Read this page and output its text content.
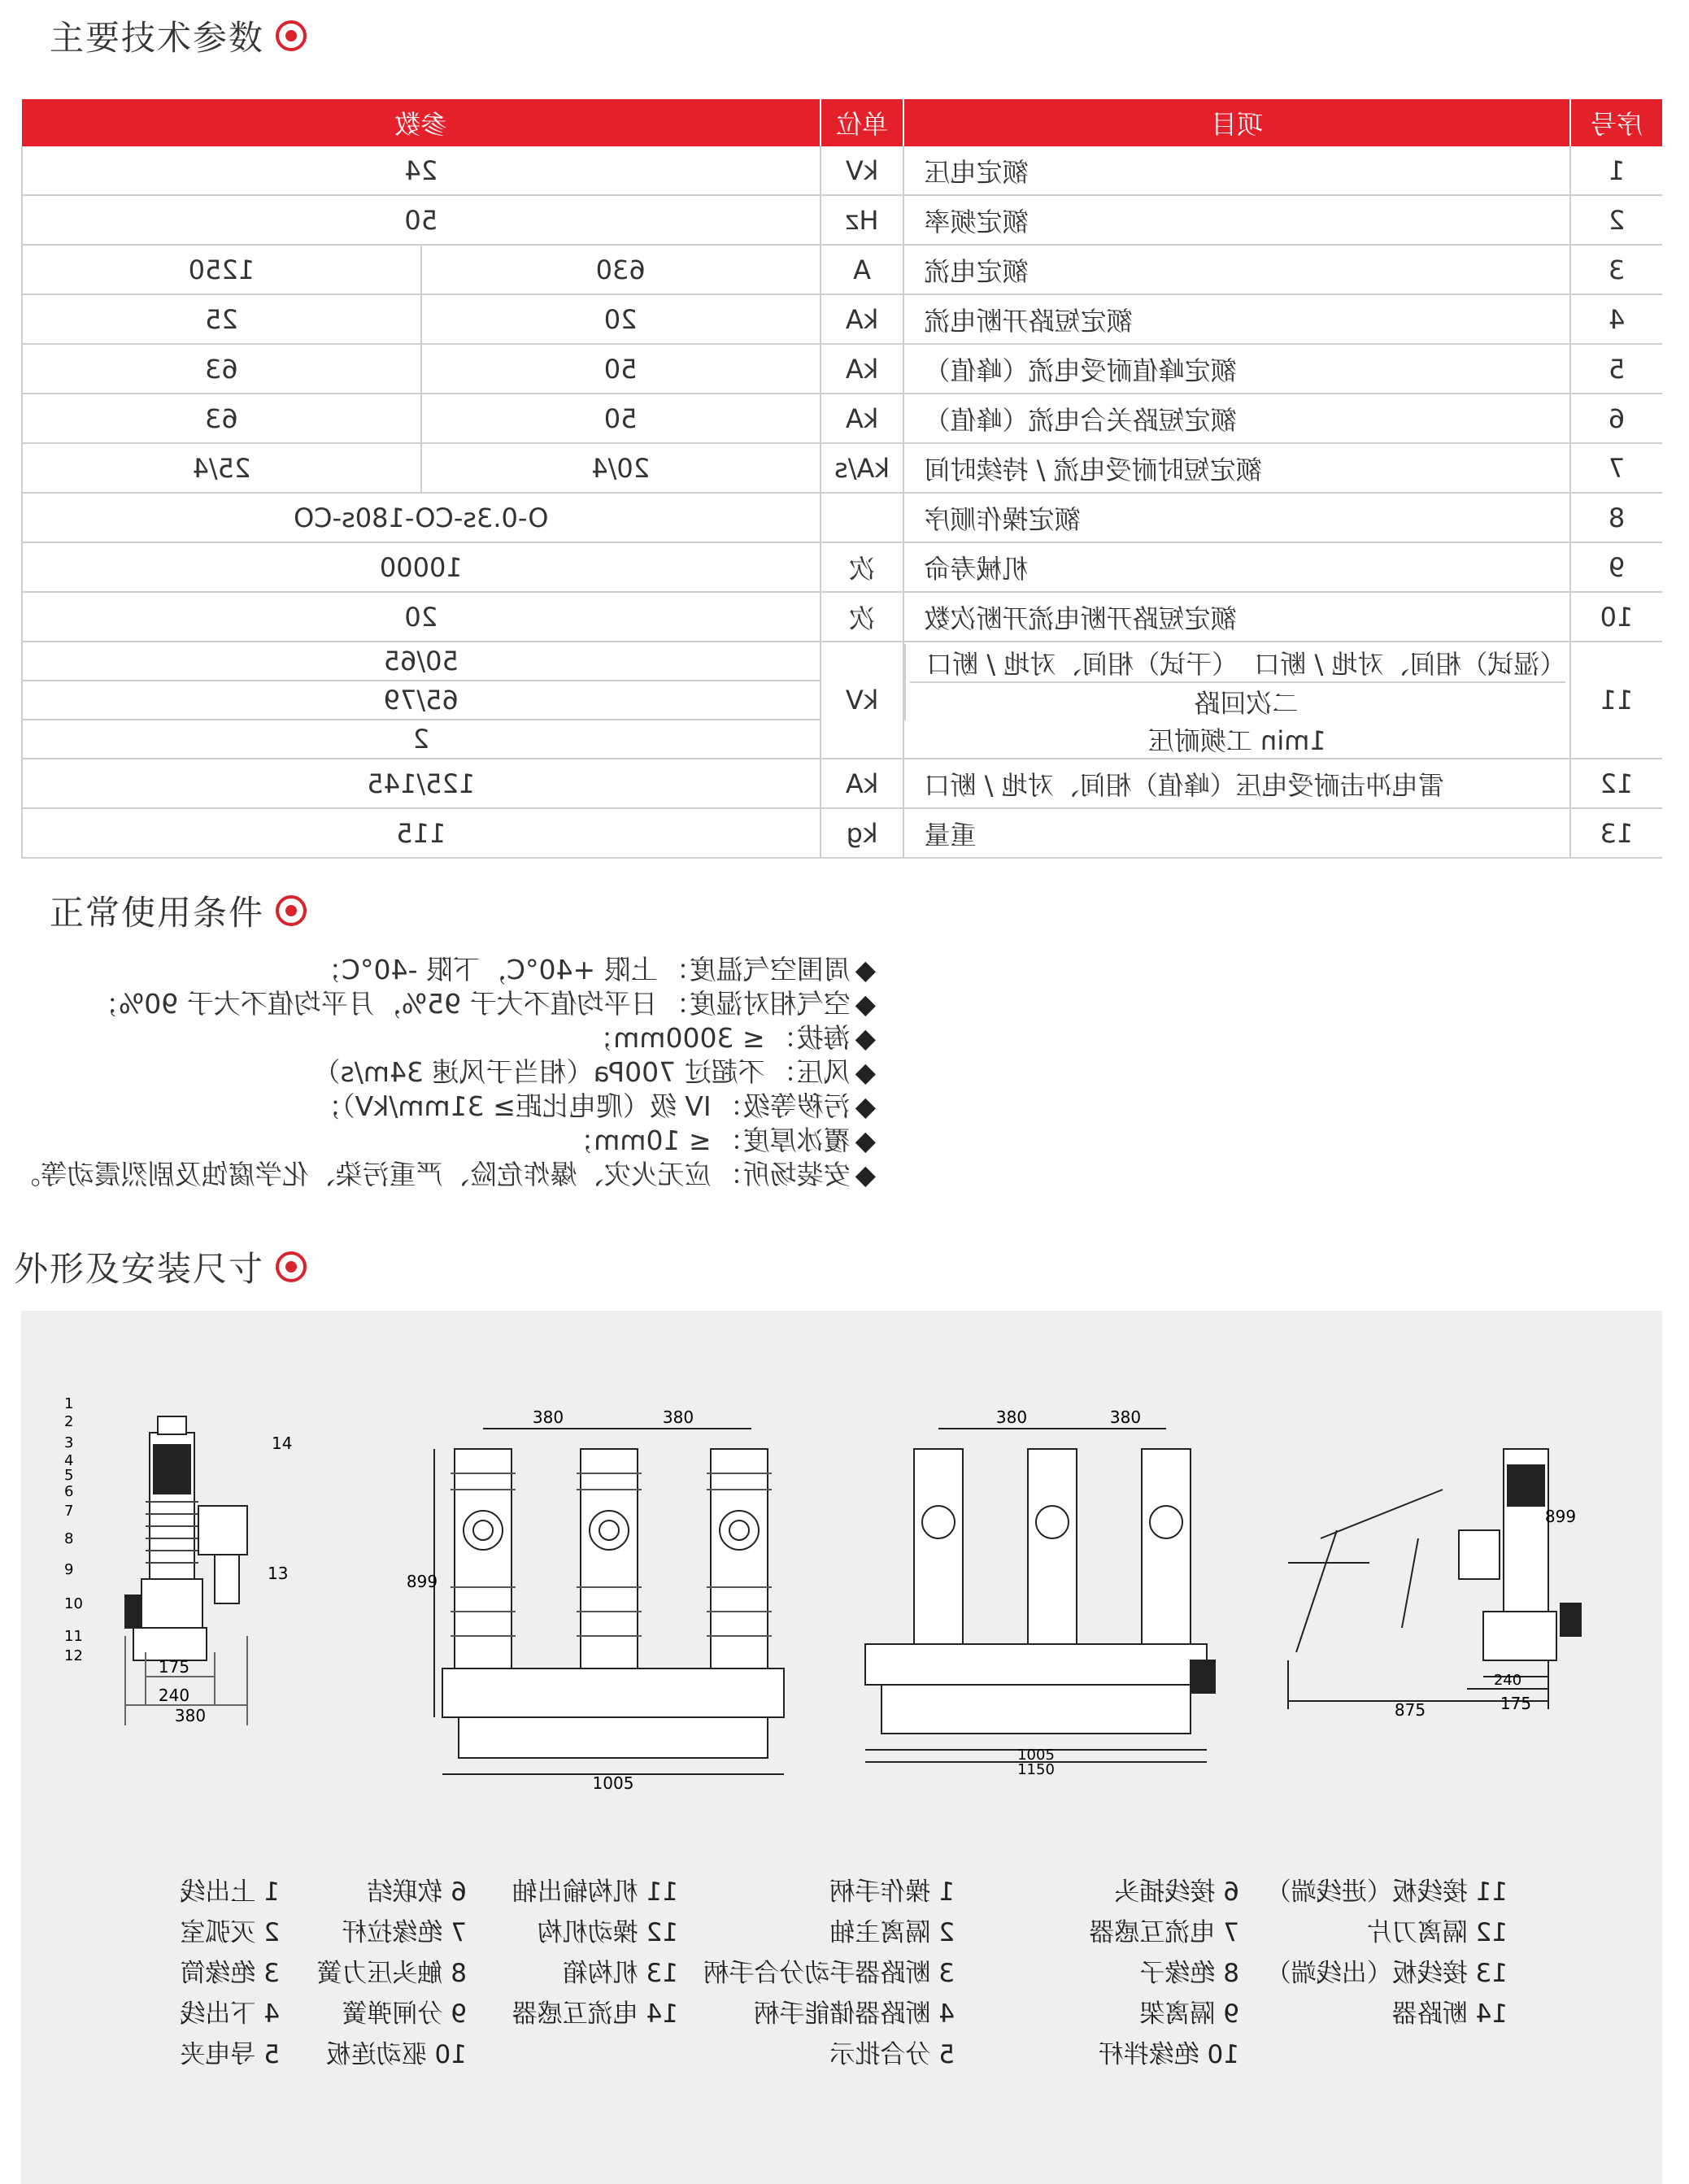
主要技术参数
序号	项目	单位	参数	
1	额定电压	kV	24	
2	额定频率	Hz	50	
3	额定电流	A	630	1250
4	额定短路开断电流	kA	20	25
5	额定峰值耐受电流（峰值）	kA	50	63
6	额定短路关合电流（峰值）	kA	50	63
7	额定短时耐受电流 / 持续时间	kA/s	20/4	25/4
8	额定操作顺序		O-0.3s-CO-180s-CO	
9	机械寿命	次	10000	
10	额定短路开断电流开断次数	次	20	
11	（湿试）相间、对地 / 断口（干试）相间、对地 / 断口二次回路1min 工频耐压	kV	50/65	
			65/79	
			2	
12	雷电冲击耐受电压（峰值）相间、对地 / 断口	kA	125/145	
13	重量	kg	115	
正常使用条件
◆
周围空气温度：
上限 +40°C，下限 -40°C；
◆
空气相对湿度：
日平均值不大于 95%，月平均值不大于 90%；
◆
海拔：
≤ 3000mm；
◆
风压：
不超过 700Pa（相当于风速 34m/s）
◆
污秽等级：
IV 级（爬电比距≥ 31mm/kV）；
◆
覆冰厚度：
≤ 10mm；
◆
安装场所：
应无火灾、爆炸危险、严重污染、化学腐蚀及剧烈震动等。
外形及安装尺寸
175
240
380
14
13
1
2
3
4
5
6
7
8
9
10
11
12
380
380
1005
899
380
380
1005
1150
175
240
875
899
1 上出线
2 灭弧室
3 绝缘筒
4 下出线
5 导电夹
6 软联结
7 绝缘拉杆
8 触头压力簧
9 分闸弹簧
10 驱动连板
11 机构输出轴
12 操动机构
13 机构箱
14 电流互感器
1 操作手柄
2 隔离主轴
3 断路器手动分合手柄
4 断路器储能手柄
5 分合批示
6 接线插头
7 电流互感器
8 绝缘子
9 隔离架
10 绝缘拌杆
11 接线板（进线端）
12 隔离刀片
13 接线板（出线端）
14 断路器
